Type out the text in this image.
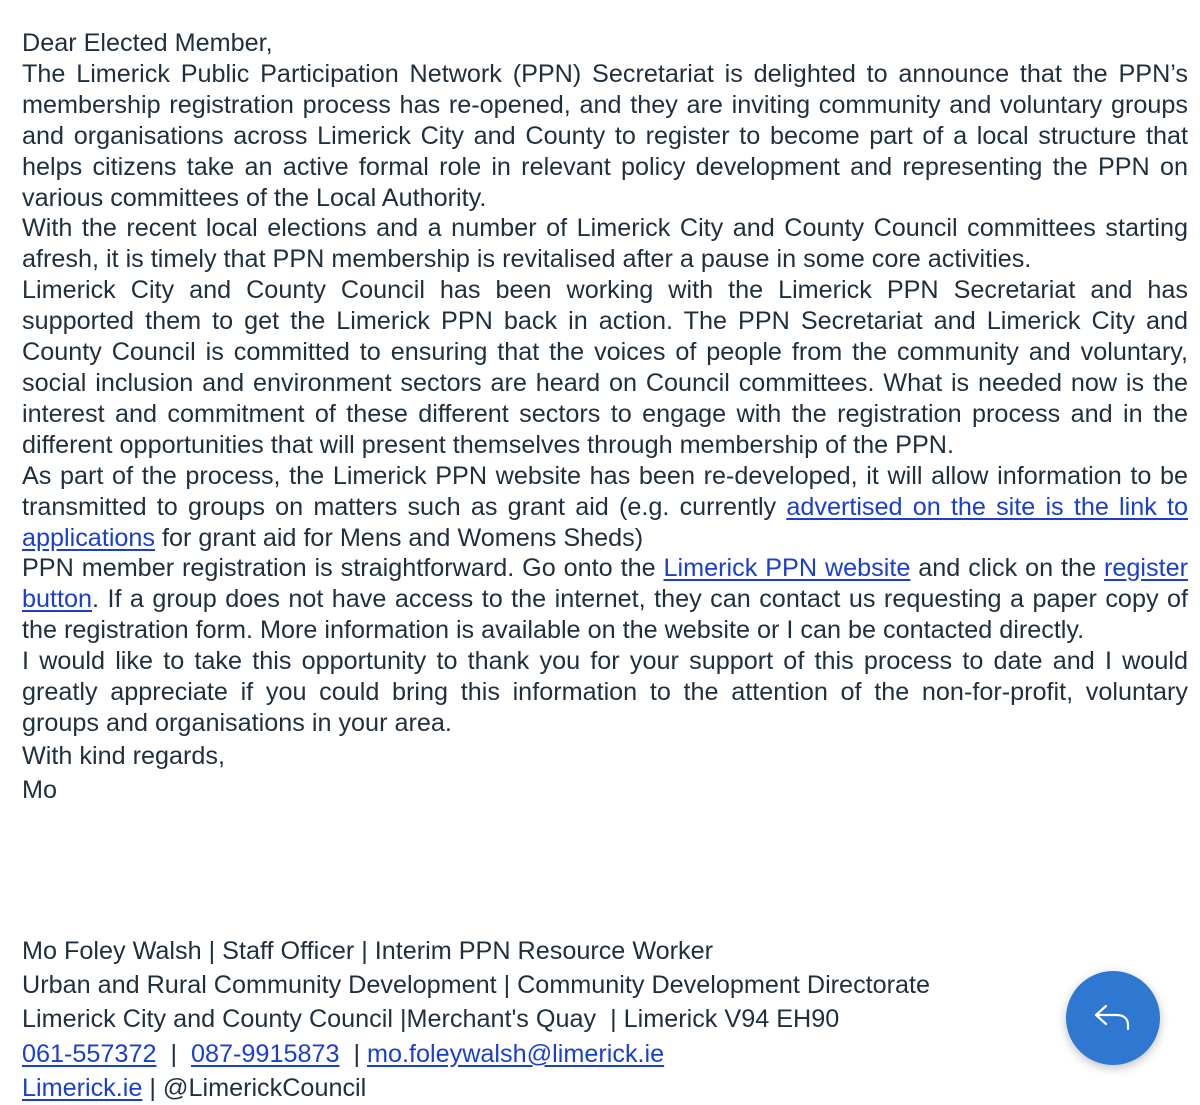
Dear Elected Member,

The Limerick Public Participation Network (PPN) Secretariat is delighted to announce that the PPN’s membership registration process has re-opened, and they are inviting community and voluntary groups and organisations across Limerick City and County to register to become part of a local structure that helps citizens take an active formal role in relevant policy development and representing the PPN on various committees of the Local Authority.

With the recent local elections and a number of Limerick City and County Council committees starting afresh, it is timely that PPN membership is revitalised after a pause in some core activities.

Limerick City and County Council has been working with the Limerick PPN Secretariat and has supported them to get the Limerick PPN back in action. The PPN Secretariat and Limerick City and County Council is committed to ensuring that the voices of people from the community and voluntary, social inclusion and environment sectors are heard on Council committees. What is needed now is the interest and commitment of these different sectors to engage with the registration process and in the different opportunities that will present themselves through membership of the PPN.

As part of the process, the Limerick PPN website has been re-developed, it will allow information to be transmitted to groups on matters such as grant aid (e.g. currently advertised on the site is the link to applications for grant aid for Mens and Womens Sheds)

PPN member registration is straightforward. Go onto the Limerick PPN website and click on the register button. If a group does not have access to the internet, they can contact us requesting a paper copy of the registration form. More information is available on the website or I can be contacted directly.

I would like to take this opportunity to thank you for your support of this process to date and I would greatly appreciate if you could bring this information to the attention of the non-for-profit, voluntary groups and organisations in your area.

With kind regards,

Mo

Mo Foley Walsh | Staff Officer | Interim PPN Resource Worker

Urban and Rural Community Development | Community Development Directorate

Limerick City and County Council |Merchant's Quay  | Limerick V94 EH90

061-557372  |  087-9915873  | mo.foleywalsh@limerick.ie

Limerick.ie | @LimerickCouncil
